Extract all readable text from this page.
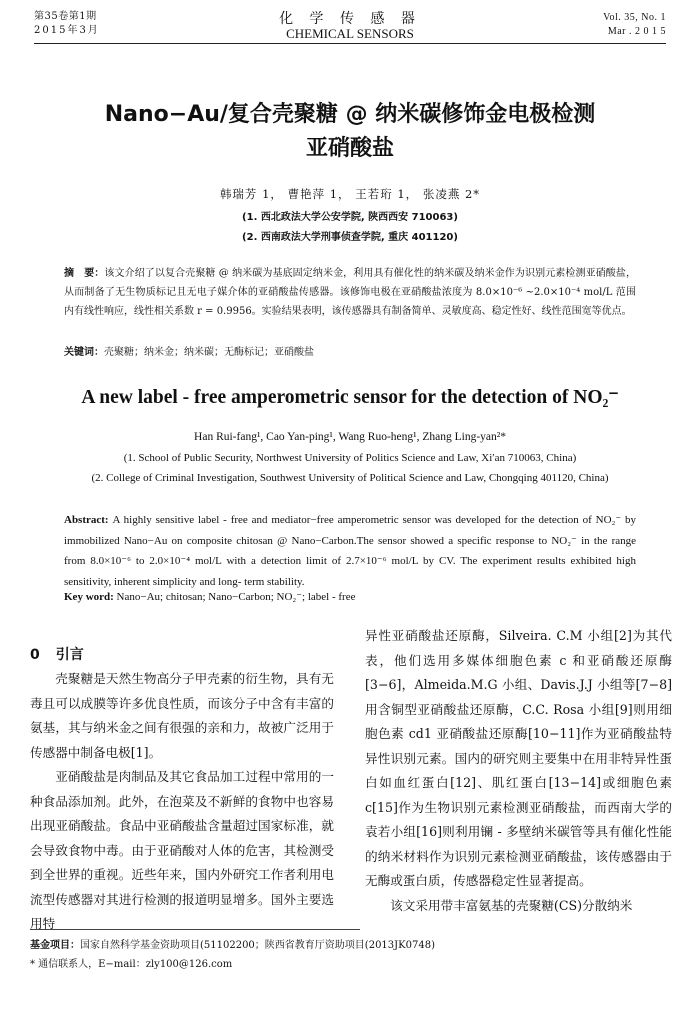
第35卷第1期
2015年3月
化 学 传 感 器
CHEMICAL SENSORS
Vol. 35, No. 1
Mar . 2 0 1 5
Nano−Au/复合壳聚糖 @ 纳米碳修饰金电极检测
亚硝酸盐
韩瑞芳 1， 曹艳萍 1， 王若珩 1， 张凌燕 2*
(1. 西北政法大学公安学院, 陕西西安 710063)
(2. 西南政法大学刑事侦查学院, 重庆 401120)
摘　要：该文介绍了以复合壳聚糖 @ 纳米碳为基底固定纳米金，利用具有催化性的纳米碳及纳米金作为识别元素检测亚硝酸盐，从而制备了无生物质标记且无电子媒介体的亚硝酸盐传感器。该修饰电极在亚硝酸盐浓度为 8.0×10⁻⁶ ~2.0×10⁻⁴ mol/L 范围内有线性响应，线性相关系数 r = 0.9956。实验结果表明，该传感器具有制备简单、灵敏度高、稳定性好、线性范围宽等优点。
关键词：壳聚糖；纳米金；纳米碳；无酶标记；亚硝酸盐
A new label - free amperometric sensor for the detection of NO₂⁻
Han Rui-fang¹, Cao Yan-ping¹, Wang Ruo-heng¹, Zhang Ling-yan²*
(1. School of Public Security, Northwest University of Politics Science and Law, Xi′an 710063, China)
(2. College of Criminal Investigation, Southwest University of Political Science and Law, Chongqing 401120, China)
Abstract: A highly sensitive label - free and mediator−free amperometric sensor was developed for the detection of NO₂⁻ by immobilized Nano−Au on composite chitosan @ Nano−Carbon.The sensor showed a specific response to NO₂⁻ in the range from 8.0×10⁻⁶ to 2.0×10⁻⁴ mol/L with a detection limit of 2.7×10⁻⁶ mol/L by CV. The experiment results exhibited high sensitivity, inherent simplicity and long- term stability.
Key word: Nano−Au; chitosan; Nano−Carbon; NO₂⁻; label - free
0 引言

壳聚糖是天然生物高分子甲壳素的衍生物，具有无毒且可以成膜等许多优良性质，而该分子中含有丰富的氨基，其与纳米金之间有很强的亲和力，故被广泛用于传感器中制备电极[1]。

亚硝酸盐是肉制品及其它食品加工过程中常用的一种食品添加剂。此外，在泡菜及不新鲜的食物中也容易出现亚硝酸盐。食品中亚硝酸盐含量超过国家标准，就会导致食物中毒。由于亚硝酸对人体的危害，其检测受到全世界的重视。近些年来，国内外研究工作者利用电流型传感器对其进行检测的报道明显增多。国外主要选用特

异性亚硝酸盐还原酶，Silveira. C.M 小组[2]为其代表，他们选用多媒体细胞色素 c 和亚硝酸还原酶[3−6]，Almeida.M.G 小组、Davis.J.J 小组等[7−8]用含铜型亚硝酸盐还原酶，C.C. Rosa 小组[9]则用细胞色素 cd1 亚硝酸盐还原酶[10−11]作为亚硝酸盐特异性识别元素。国内的研究则主要集中在用非特异性蛋白如血红蛋白[12]、肌红蛋白[13−14]或细胞色素 c[15]作为生物识别元素检测亚硝酸盐，而西南大学的袁若小组[16]则利用镧 - 多壁纳米碳管等具有催化性能的纳米材料作为识别元素检测亚硝酸盐，该传感器由于无酶或蛋白质，传感器稳定性显著提高。

该文采用带丰富氨基的壳聚糖(CS)分散纳米

基金项目：国家自然科学基金资助项目(51102200；陕西省教育厅资助项目(2013JK0748)
* 通信联系人，E−mail：zly100@126.com
